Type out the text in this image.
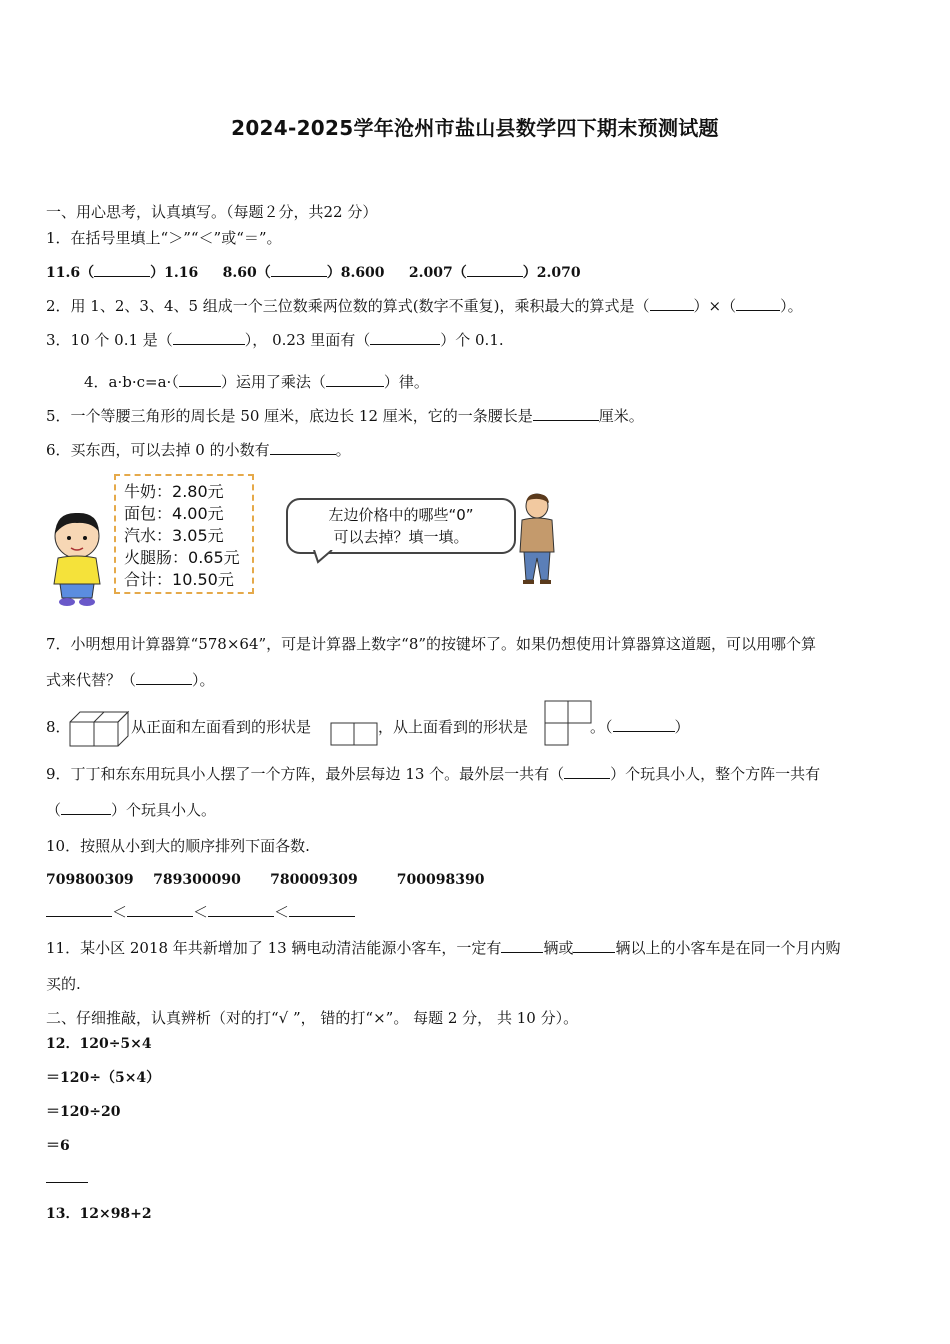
2024-2025学年沧州市盐山县数学四下期末预测试题
一、用心思考，认真填写。（每题２分，共22 分）
1．在括号里填上“＞”“＜”或“＝”。
11.6（	）1.16 8.60（	）8.600 2.007（	）2.070
2．用 1、2、3、4、5 组成一个三位数乘两位数的算式(数字不重复)，乘积最大的算式是（	）×（	）。
3．10 个 0.1 是（	）， 0.23 里面有（	）个 0.1.
4．a·b·c=a·（	）运用了乘法（	）律。
5．一个等腰三角形的周长是 50 厘米，底边长 12 厘米，它的一条腰长是	厘米。
6．买东西，可以去掉 0 的小数有	。
牛奶：2.80元
面包：4.00元
汽水：3.05元
火腿肠：0.65元
合计：10.50元
左边价格中的哪些“0”
可以去掉？填一填。
7．小明想用计算器算“578×64”，可是计算器上数字“8”的按键坏了。如果仍想使用计算器算这道题，可以用哪个算
式来代替？（	）。
8．	从正面和左面看到的形状是	，从上面看到的形状是	。（	）
9．丁丁和东东用玩具小人摆了一个方阵，最外层每边 13 个。最外层一共有（	）个玩具小人，整个方阵一共有
（	）个玩具小人。
10．按照从小到大的顺序排列下面各数.
709800309 789300090 780009309	700098390
＜	＜	＜
11．某小区 2018 年共新增加了 13 辆电动清洁能源小客车，一定有	辆或	辆以上的小客车是在同一个月内购
买的.
二、仔细推敲，认真辨析（对的打“√ ”， 错的打“×”。 每题 2 分， 共 10 分）。
12．120÷5×4
＝120÷（5×4）
＝120÷20
＝6
13．12×98+2
